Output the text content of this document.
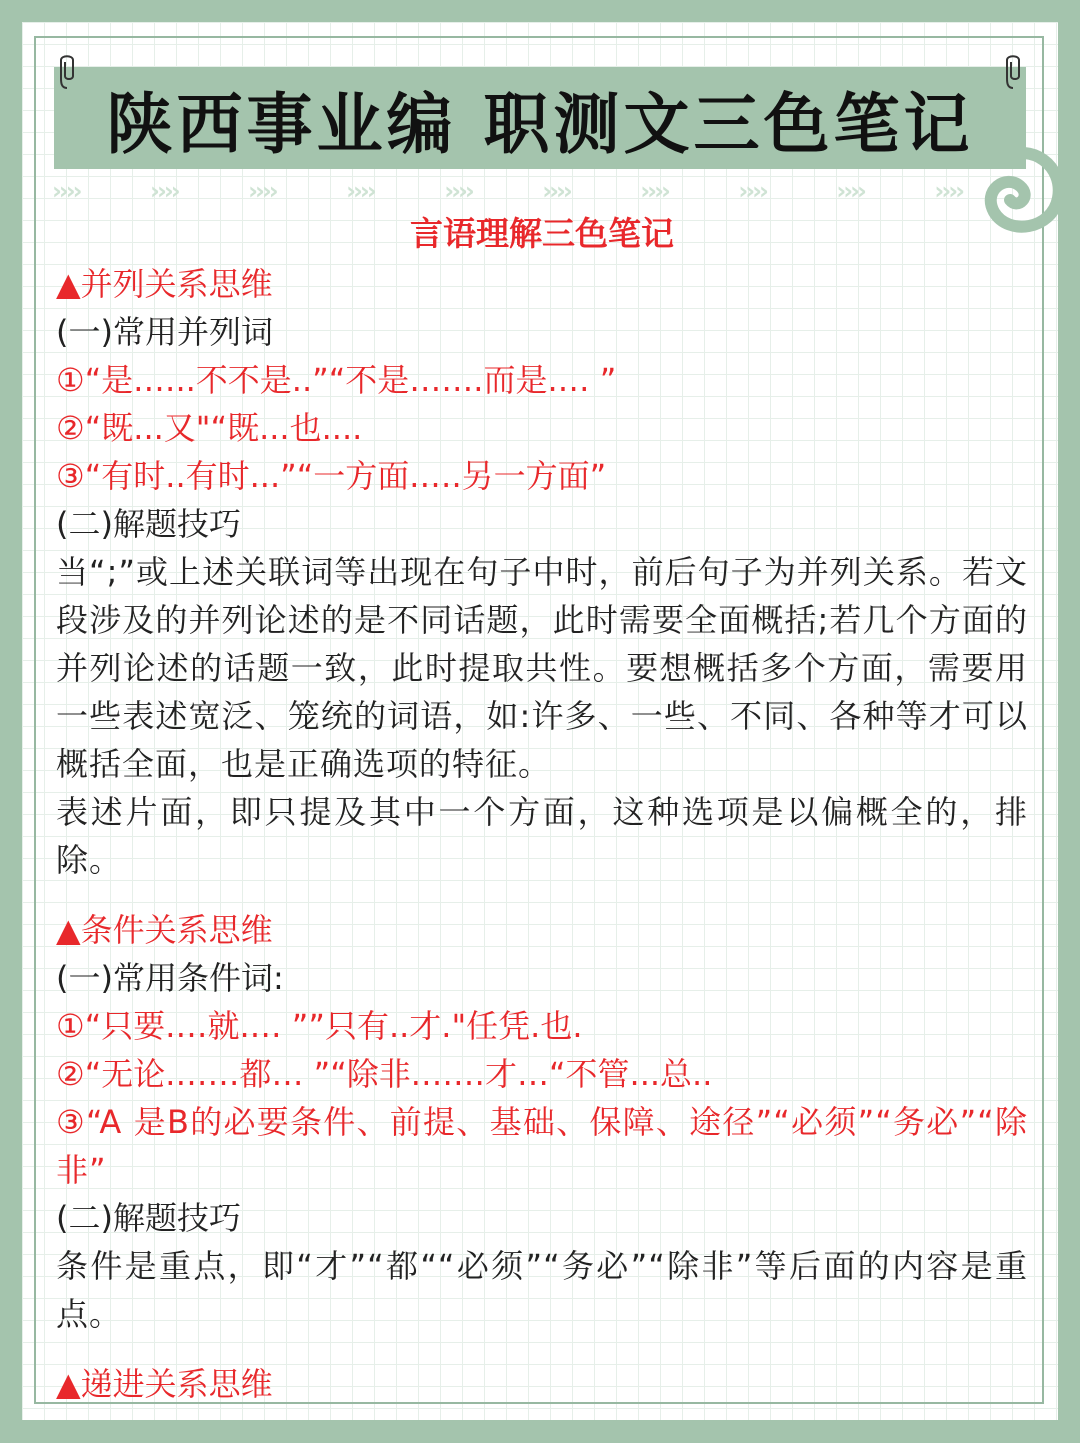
陕西事业编 职测文三色笔记
››››	››››	››››	››››	››››	››››	››››	››››	››››	››››
言语理解三色笔记
▲并列关系思维
(一)常用并列词
①“是.…..不不是..”“不是…….而是.… ”
②“既...又"“既...也....
③“有时..有时...”“一方面.….另一方面”
(二)解题技巧
当“;”或上述关联词等出现在句子中时，前后句子为并列关系。若文段涉及的并列论述的是不同话题，此时需要全面概括;若几个方面的并列论述的话题一致，此时提取共性。要想概括多个方面，需要用一些表述宽泛、笼统的词语，如:许多、一些、不同、各种等才可以概括全面，也是正确选项的特征。
表述片面，即只提及其中一个方面，这种选项是以偏概全的，排除。
▲条件关系思维
(一)常用条件词:
①“只要.…就.… ””只有..才."任凭.也.
②“无论.……都… ”“除非.……才…“不管...总..
③“A 是B的必要条件、前提、基础、保障、途径”“必须”“务必”“除非”
(二)解题技巧
条件是重点，即“才”“都““必须”“务必”“除非”等后面的内容是重点。
▲递进关系思维
